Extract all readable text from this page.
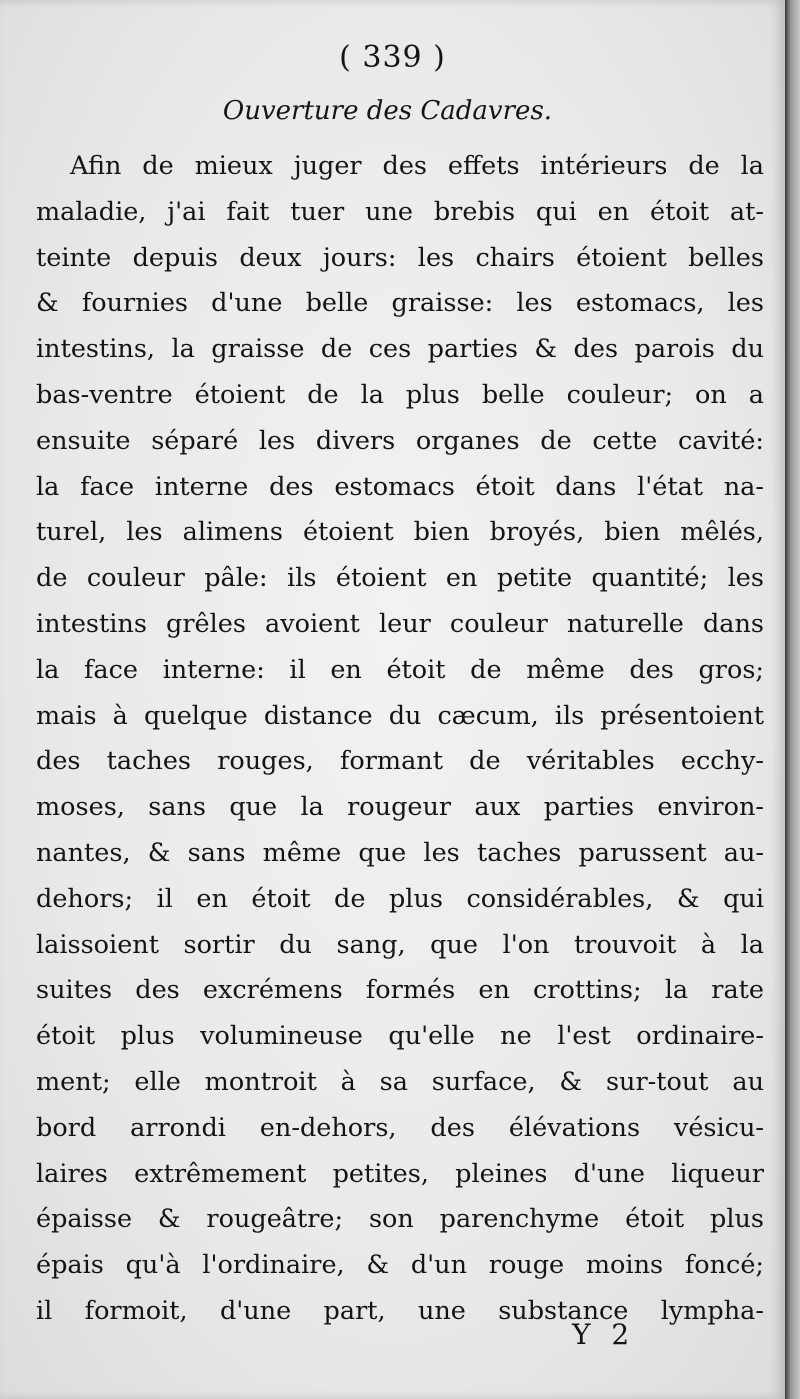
( 339 )
Ouverture des Cadavres.
Afin de mieux juger des effets intérieurs de la
maladie, j'ai fait tuer une brebis qui en étoit at-
teinte depuis deux jours: les chairs étoient belles
& fournies d'une belle graisse: les estomacs, les
intestins, la graisse de ces parties & des parois du
bas-ventre étoient de la plus belle couleur; on a
ensuite séparé les divers organes de cette cavité:
la face interne des estomacs étoit dans l'état na-
turel, les alimens étoient bien broyés, bien mêlés,
de couleur pâle: ils étoient en petite quantité; les
intestins grêles avoient leur couleur naturelle dans
la face interne: il en étoit de même des gros;
mais à quelque distance du cæcum, ils présentoient
des taches rouges, formant de véritables ecchy-
moses, sans que la rougeur aux parties environ-
nantes, & sans même que les taches parussent au-
dehors; il en étoit de plus considérables, & qui
laissoient sortir du sang, que l'on trouvoit à la
suites des excrémens formés en crottins; la rate
étoit plus volumineuse qu'elle ne l'est ordinaire-
ment; elle montroit à sa surface, & sur-tout au
bord arrondi en-dehors, des élévations vésicu-
laires extrêmement petites, pleines d'une liqueur
épaisse & rougeâtre; son parenchyme étoit plus
épais qu'à l'ordinaire, & d'un rouge moins foncé;
il formoit, d'une part, une substance lympha-
Y 2
